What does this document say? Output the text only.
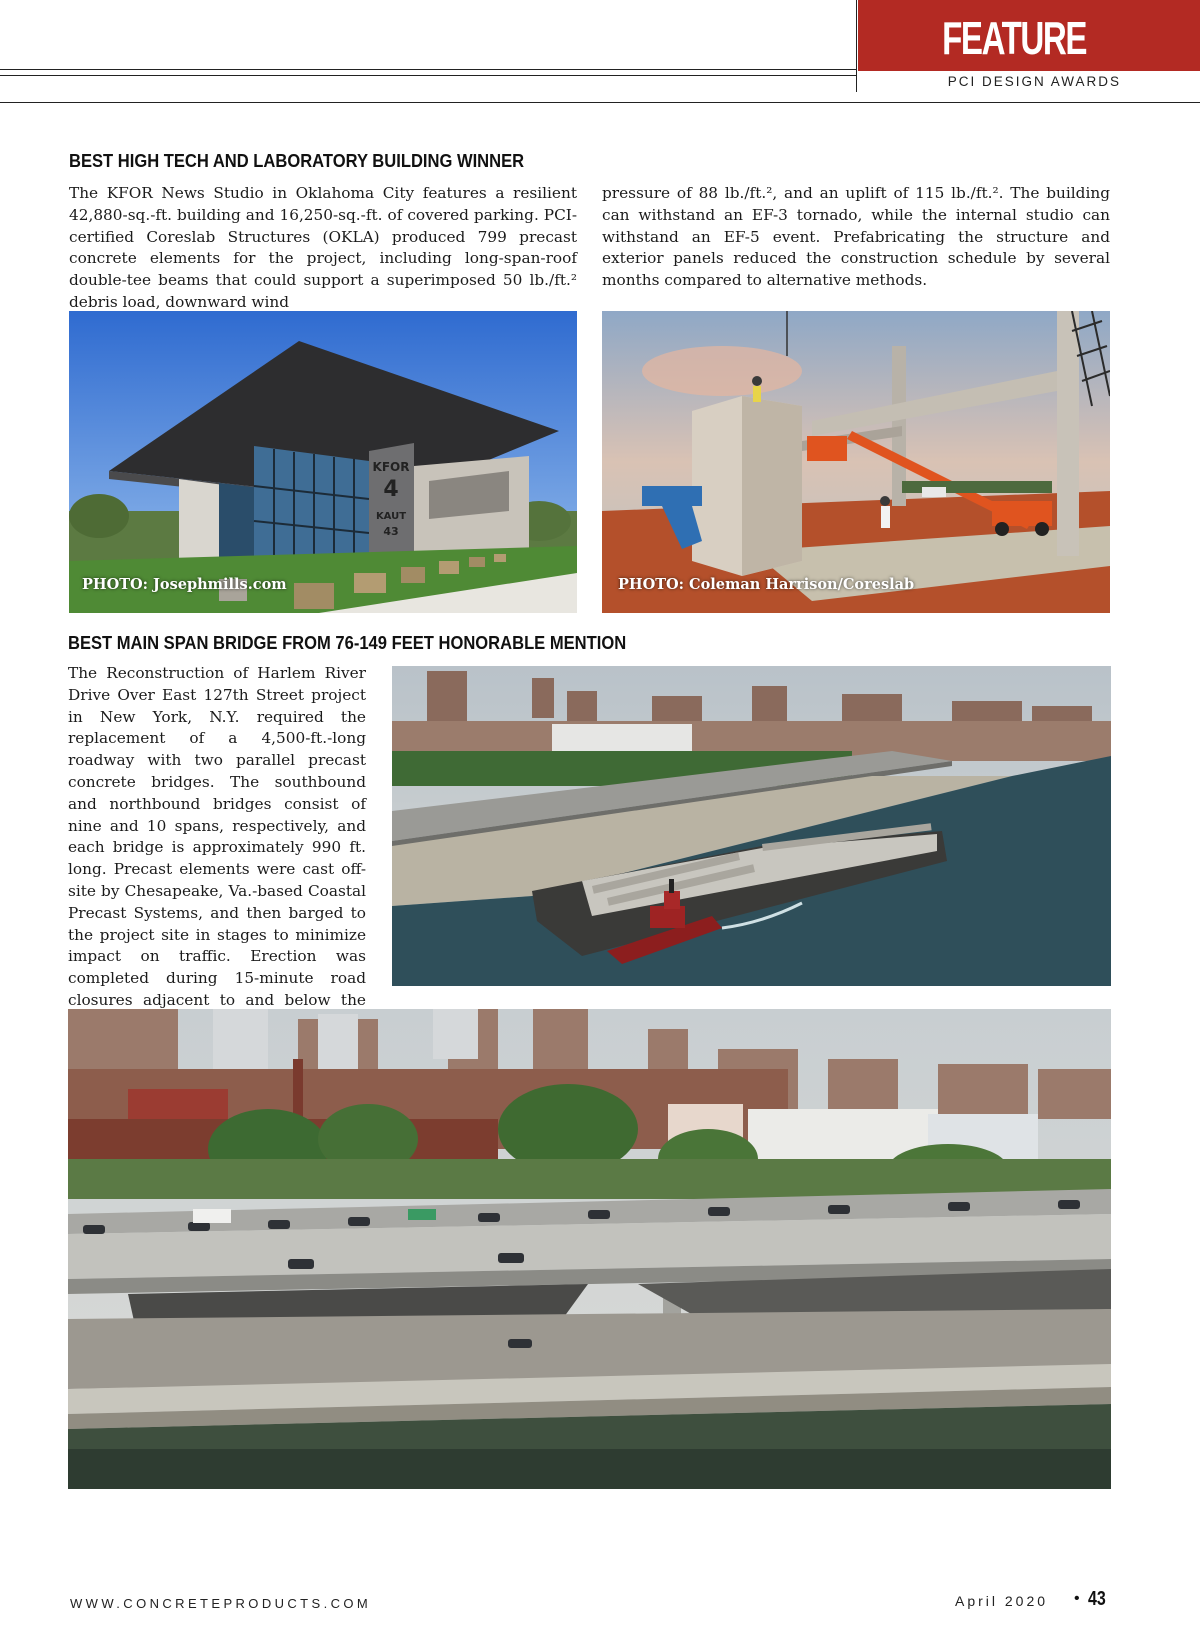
FEATURE
PCI DESIGN AWARDS
BEST HIGH TECH AND LABORATORY BUILDING WINNER
The KFOR News Studio in Oklahoma City features a resilient 42,880-sq.-ft. building and 16,250-sq.-ft. of covered parking. PCI-certified Coreslab Structures (OKLA) produced 799 precast concrete elements for the project, including long-span-roof double-tee beams that could support a superimposed 50 lb./ft.² debris load, downward wind
pressure of 88 lb./ft.², and an uplift of 115 lb./ft.². The building can withstand an EF-3 tornado, while the internal studio can withstand an EF-5 event. Prefabricating the structure and exterior panels reduced the construction schedule by several months compared to alternative methods.
KFOR
4
KAUT
43
PHOTO: Josephmills.com	PHOTO: Coleman Harrison/Coreslab
BEST MAIN SPAN BRIDGE FROM 76-149 FEET HONORABLE MENTION
The Reconstruction of Harlem River Drive Over East 127th Street project in New York, N.Y. required the replacement of a 4,500-ft.-long roadway with two parallel precast concrete bridges. The southbound and northbound bridges consist of nine and 10 spans, respectively, and each bridge is approximately 990 ft. long. Precast elements were cast off-site by Chesapeake, Va.-based Coastal Precast Systems, and then barged to the project site in stages to minimize impact on traffic. Erection was completed during 15-minute road closures adjacent to and below the
WWW.CONCRETEPRODUCTS.COM	April 2020 • 43
